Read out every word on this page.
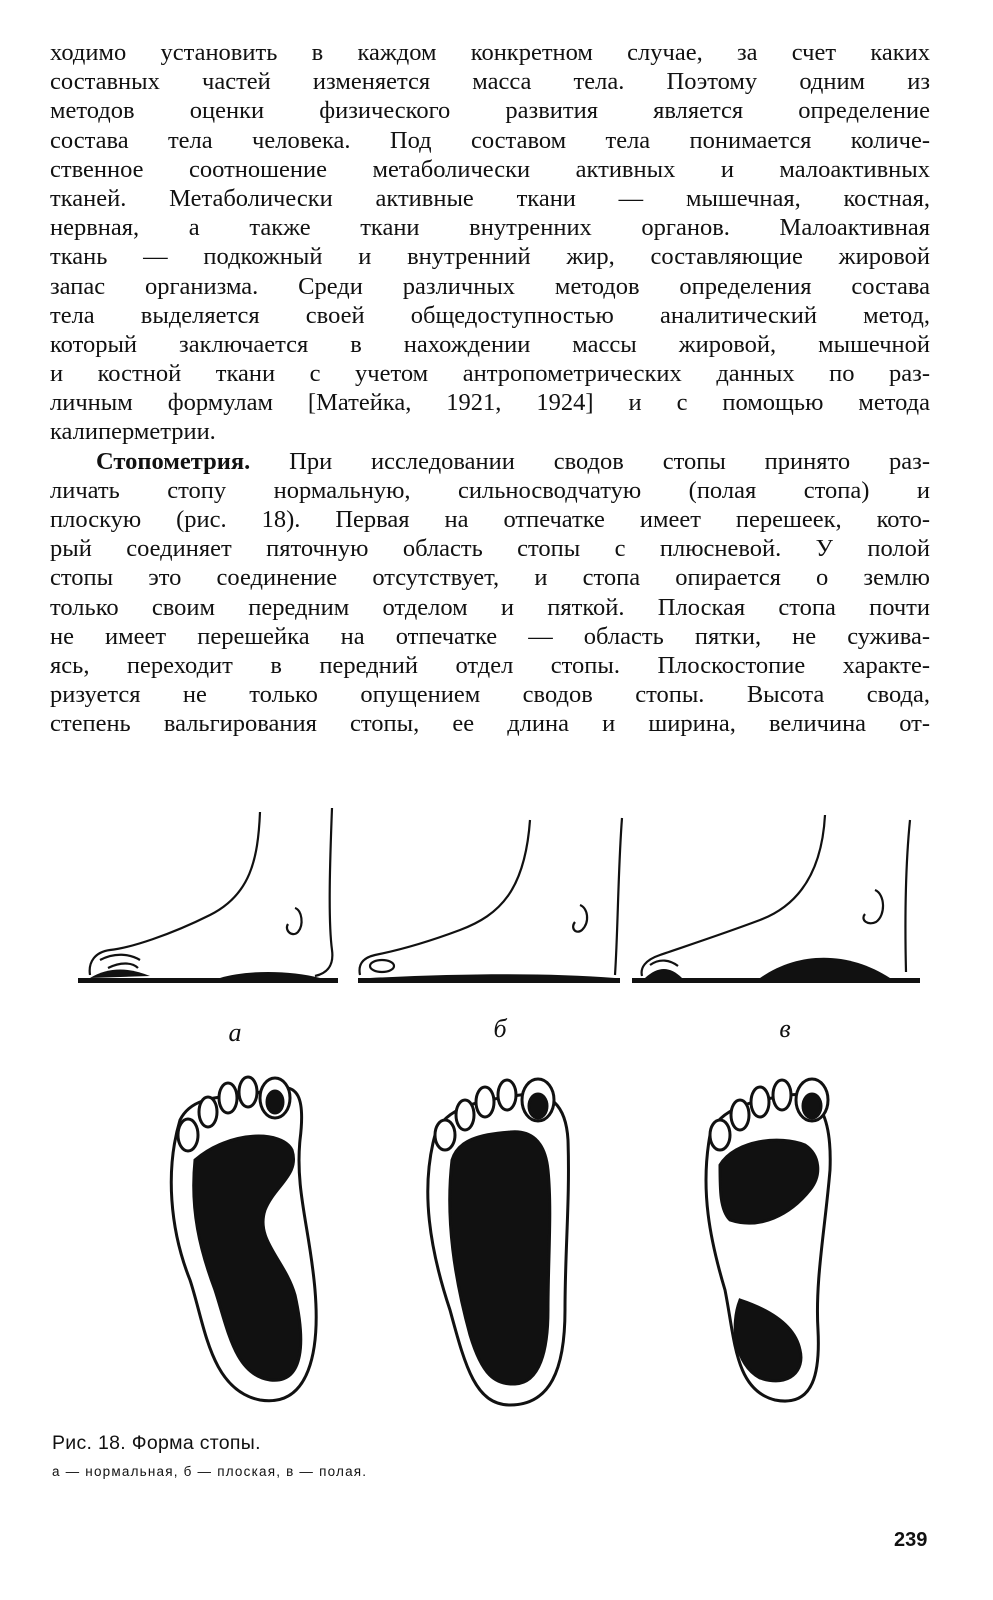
ходимо установить в каждом конкретном случае, за счет каких
составных частей изменяется масса тела. Поэтому одним из
методов оценки физического развития является определение
состава тела человека. Под составом тела понимается количе-
ственное соотношение метаболически активных и малоактивных
тканей. Метаболически активные ткани — мышечная, костная,
нервная, а также ткани внутренних органов. Малоактивная
ткань — подкожный и внутренний жир, составляющие жировой
запас организма. Среди различных методов определения состава
тела выделяется своей общедоступностью аналитический метод,
который заключается в нахождении массы жировой, мышечной
и костной ткани с учетом антропометрических данных по раз-
личным формулам [Матейка, 1921, 1924] и с помощью метода
калиперметрии.
Стопометрия. При исследовании сводов стопы принято раз-
личать стопу нормальную, сильносводчатую (полая стопа) и
плоскую (рис. 18). Первая на отпечатке имеет перешеек, кото-
рый соединяет пяточную область стопы с плюсневой. У полой
стопы это соединение отсутствует, и стопа опирается о землю
только своим передним отделом и пяткой. Плоская стопа почти
не имеет перешейка на отпечатке — область пятки, не сужива-
ясь, переходит в передний отдел стопы. Плоскостопие характе-
ризуется не только опущением сводов стопы. Высота свода,
степень вальгирования стопы, ее длина и ширина, величина от-
а	б	в
Рис. 18. Форма стопы.
а — нормальная, б — плоская, в — полая.
239
